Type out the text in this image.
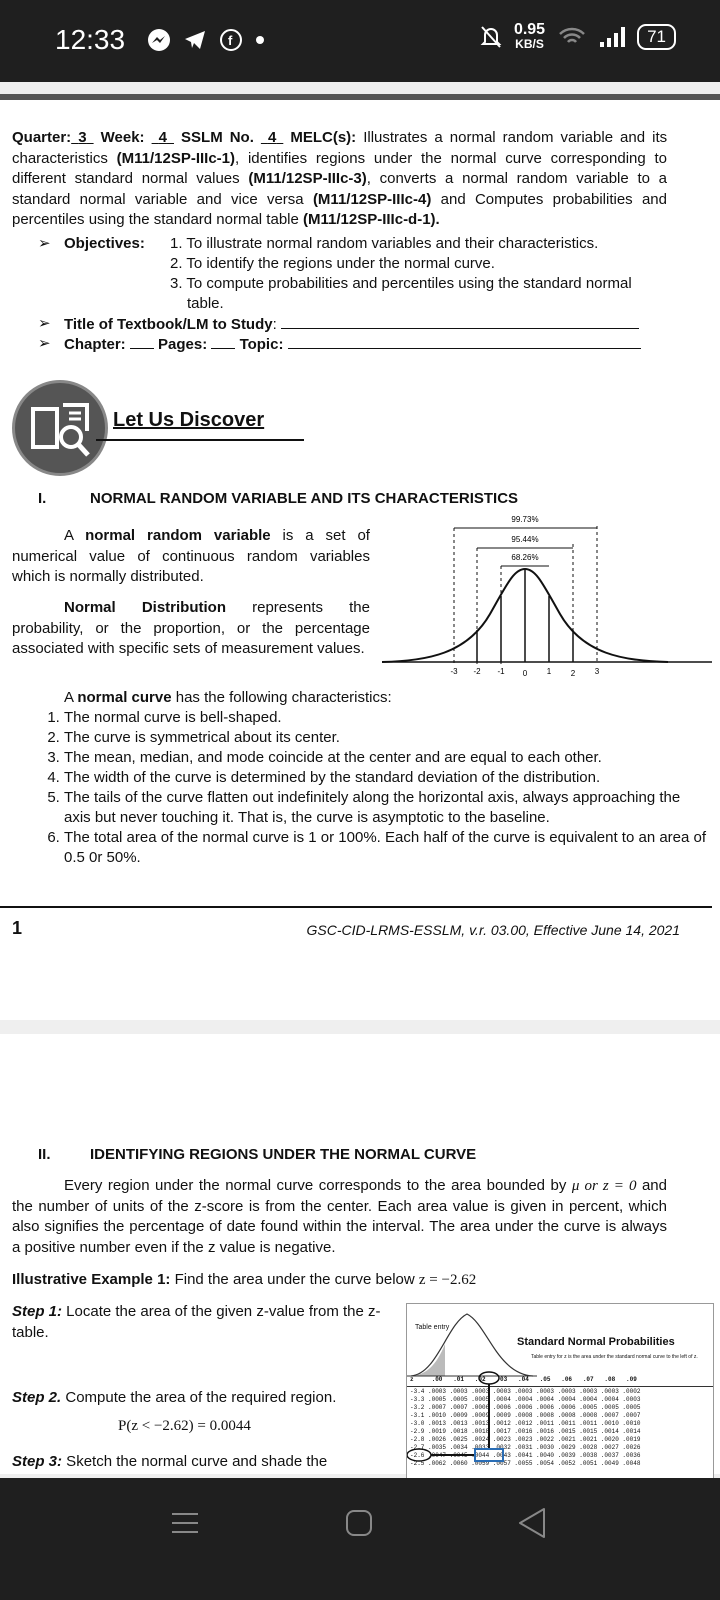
12:33	f
0.95
KB/S	71
Quarter: 3 Week: 4 SSLM No. 4 MELC(s): Illustrates a normal random variable and its characteristics (M11/12SP-IIIc-1), identifies regions under the normal curve corresponding to different standard normal values (M11/12SP-IIIc-3), converts a normal random variable to a standard normal variable and vice versa (M11/12SP-IIIc-4) and Computes probabilities and percentiles using the standard normal table (M11/12SP-IIIc-d-1).
➢ Objectives: 1. To illustrate normal random variables and their characteristics.
2. To identify the regions under the normal curve.
3. To compute probabilities and percentiles using the standard normal
table.
➢ Title of Textbook/LM to Study:
➢ Chapter: Pages: Topic:
Let Us Discover
I.	NORMAL RANDOM VARIABLE AND ITS CHARACTERISTICS
A normal random variable is a set of numerical value of continuous random variables which is normally distributed.
Normal Distribution represents the probability, or the proportion, or the percentage associated with specific sets of measurement values.
99.73%
95.44%
68.26%
-3 -2 -1 0 1 2 3
A normal curve has the following characteristics:
1. The normal curve is bell-shaped.
2. The curve is symmetrical about its center.
3. The mean, median, and mode coincide at the center and are equal to each other.
4. The width of the curve is determined by the standard deviation of the distribution.
5. The tails of the curve flatten out indefinitely along the horizontal axis, always approaching the axis but never touching it. That is, the curve is asymptotic to the baseline.
6. The total area of the normal curve is 1 or 100%. Each half of the curve is equivalent to an area of 0.5 0r 50%.
1	GSC-CID-LRMS-ESSLM, v.r. 03.00, Effective June 14, 2021
II.	IDENTIFYING REGIONS UNDER THE NORMAL CURVE
Every region under the normal curve corresponds to the area bounded by μ or z = 0 and the number of units of the z-score is from the center. Each area value is given in percent, which also signifies the percentage of date found within the interval. The area under the curve is always a positive number even if the z value is negative.
Illustrative Example 1: Find the area under the curve below z = −2.62
Step 1: Locate the area of the given z-value from the z-table.
Step 2. Compute the area of the required region.
P(z < −2.62) = 0.0044
Step 3: Sketch the normal curve and shade the
Table entry
Standard Normal Probabilities
Table entry for z is the area under the standard normal curve to the left of z.
z     .00   .01   .02   .03   .04   .05   .06   .07   .08   .09
-3.4 .0003 .0003 .0003 .0003 .0003 .0003 .0003 .0003 .0003 .0002
-3.3 .0005 .0005 .0005 .0004 .0004 .0004 .0004 .0004 .0004 .0003
-3.2 .0007 .0007 .0006 .0006 .0006 .0006 .0006 .0005 .0005 .0005
-3.1 .0010 .0009 .0009 .0009 .0008 .0008 .0008 .0008 .0007 .0007
-3.0 .0013 .0013 .0013 .0012 .0012 .0011 .0011 .0011 .0010 .0010
-2.9 .0019 .0018 .0018 .0017 .0016 .0016 .0015 .0015 .0014 .0014
-2.8 .0026 .0025 .0024 .0023 .0023 .0022 .0021 .0021 .0020 .0019
-2.7 .0035 .0034 .0033 .0032 .0031 .0030 .0029 .0028 .0027 .0026
-2.6 .0047 .0045 .0044 .0043 .0041 .0040 .0039 .0038 .0037 .0036
-2.5 .0062 .0060 .0059 .0057 .0055 .0054 .0052 .0051 .0049 .0048
